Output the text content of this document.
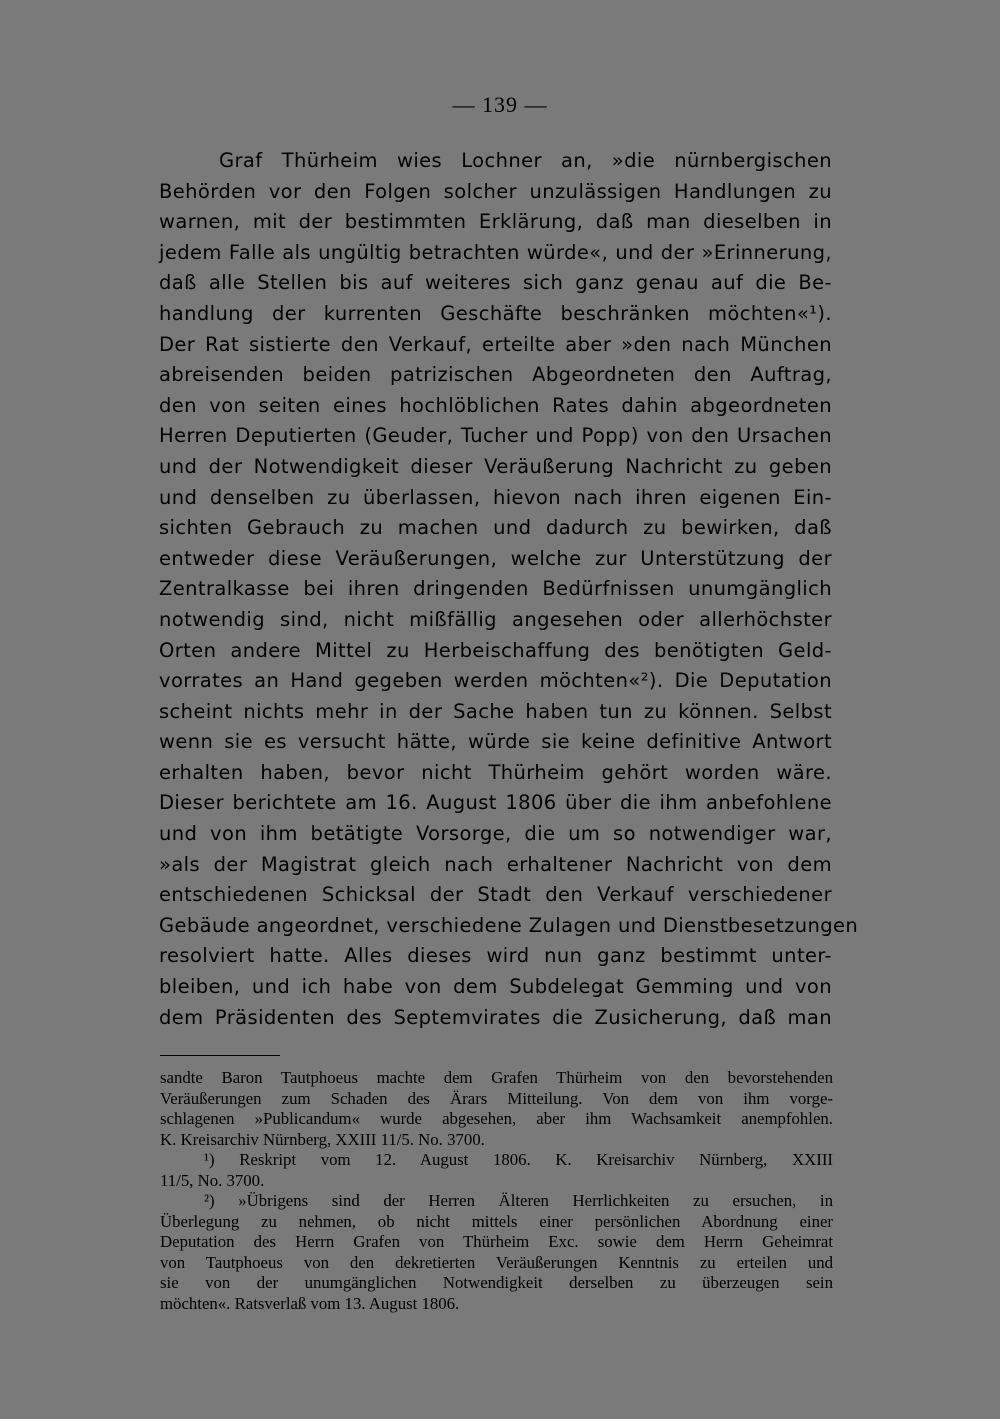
— 139 —
Graf Thürheim wies Lochner an, »die nürnbergischen
Behörden vor den Folgen solcher unzulässigen Handlungen zu
warnen, mit der bestimmten Erklärung, daß man dieselben in
jedem Falle als ungültig betrachten würde«, und der »Erinnerung,
daß alle Stellen bis auf weiteres sich ganz genau auf die Be-
handlung der kurrenten Geschäfte beschränken möchten«¹).
Der Rat sistierte den Verkauf, erteilte aber »den nach München
abreisenden beiden patrizischen Abgeordneten den Auftrag,
den von seiten eines hochlöblichen Rates dahin abgeordneten
Herren Deputierten (Geuder, Tucher und Popp) von den Ursachen
und der Notwendigkeit dieser Veräußerung Nachricht zu geben
und denselben zu überlassen, hievon nach ihren eigenen Ein-
sichten Gebrauch zu machen und dadurch zu bewirken, daß
entweder diese Veräußerungen, welche zur Unterstützung der
Zentralkasse bei ihren dringenden Bedürfnissen unumgänglich
notwendig sind, nicht mißfällig angesehen oder allerhöchster
Orten andere Mittel zu Herbeischaffung des benötigten Geld-
vorrates an Hand gegeben werden möchten«²). Die Deputation
scheint nichts mehr in der Sache haben tun zu können. Selbst
wenn sie es versucht hätte, würde sie keine definitive Antwort
erhalten haben, bevor nicht Thürheim gehört worden wäre.
Dieser berichtete am 16. August 1806 über die ihm anbefohlene
und von ihm betätigte Vorsorge, die um so notwendiger war,
»als der Magistrat gleich nach erhaltener Nachricht von dem
entschiedenen Schicksal der Stadt den Verkauf verschiedener
Gebäude angeordnet, verschiedene Zulagen und Dienstbesetzungen
resolviert hatte. Alles dieses wird nun ganz bestimmt unter-
bleiben, und ich habe von dem Subdelegat Gemming und von
dem Präsidenten des Septemvirates die Zusicherung, daß man
sandte Baron Tautphoeus machte dem Grafen Thürheim von den bevorstehenden
Veräußerungen zum Schaden des Ärars Mitteilung. Von dem von ihm vorge-
schlagenen »Publicandum« wurde abgesehen, aber ihm Wachsamkeit anempfohlen.
K. Kreisarchiv Nürnberg, XXIII 11/5. No. 3700.
¹) Reskript vom 12. August 1806. K. Kreisarchiv Nürnberg, XXIII
11/5, No. 3700.
²) »Übrigens sind der Herren Älteren Herrlichkeiten zu ersuchen, in
Überlegung zu nehmen, ob nicht mittels einer persönlichen Abordnung einer
Deputation des Herrn Grafen von Thürheim Exc. sowie dem Herrn Geheimrat
von Tautphoeus von den dekretierten Veräußerungen Kenntnis zu erteilen und
sie von der unumgänglichen Notwendigkeit derselben zu überzeugen sein
möchten«. Ratsverlaß vom 13. August 1806.
